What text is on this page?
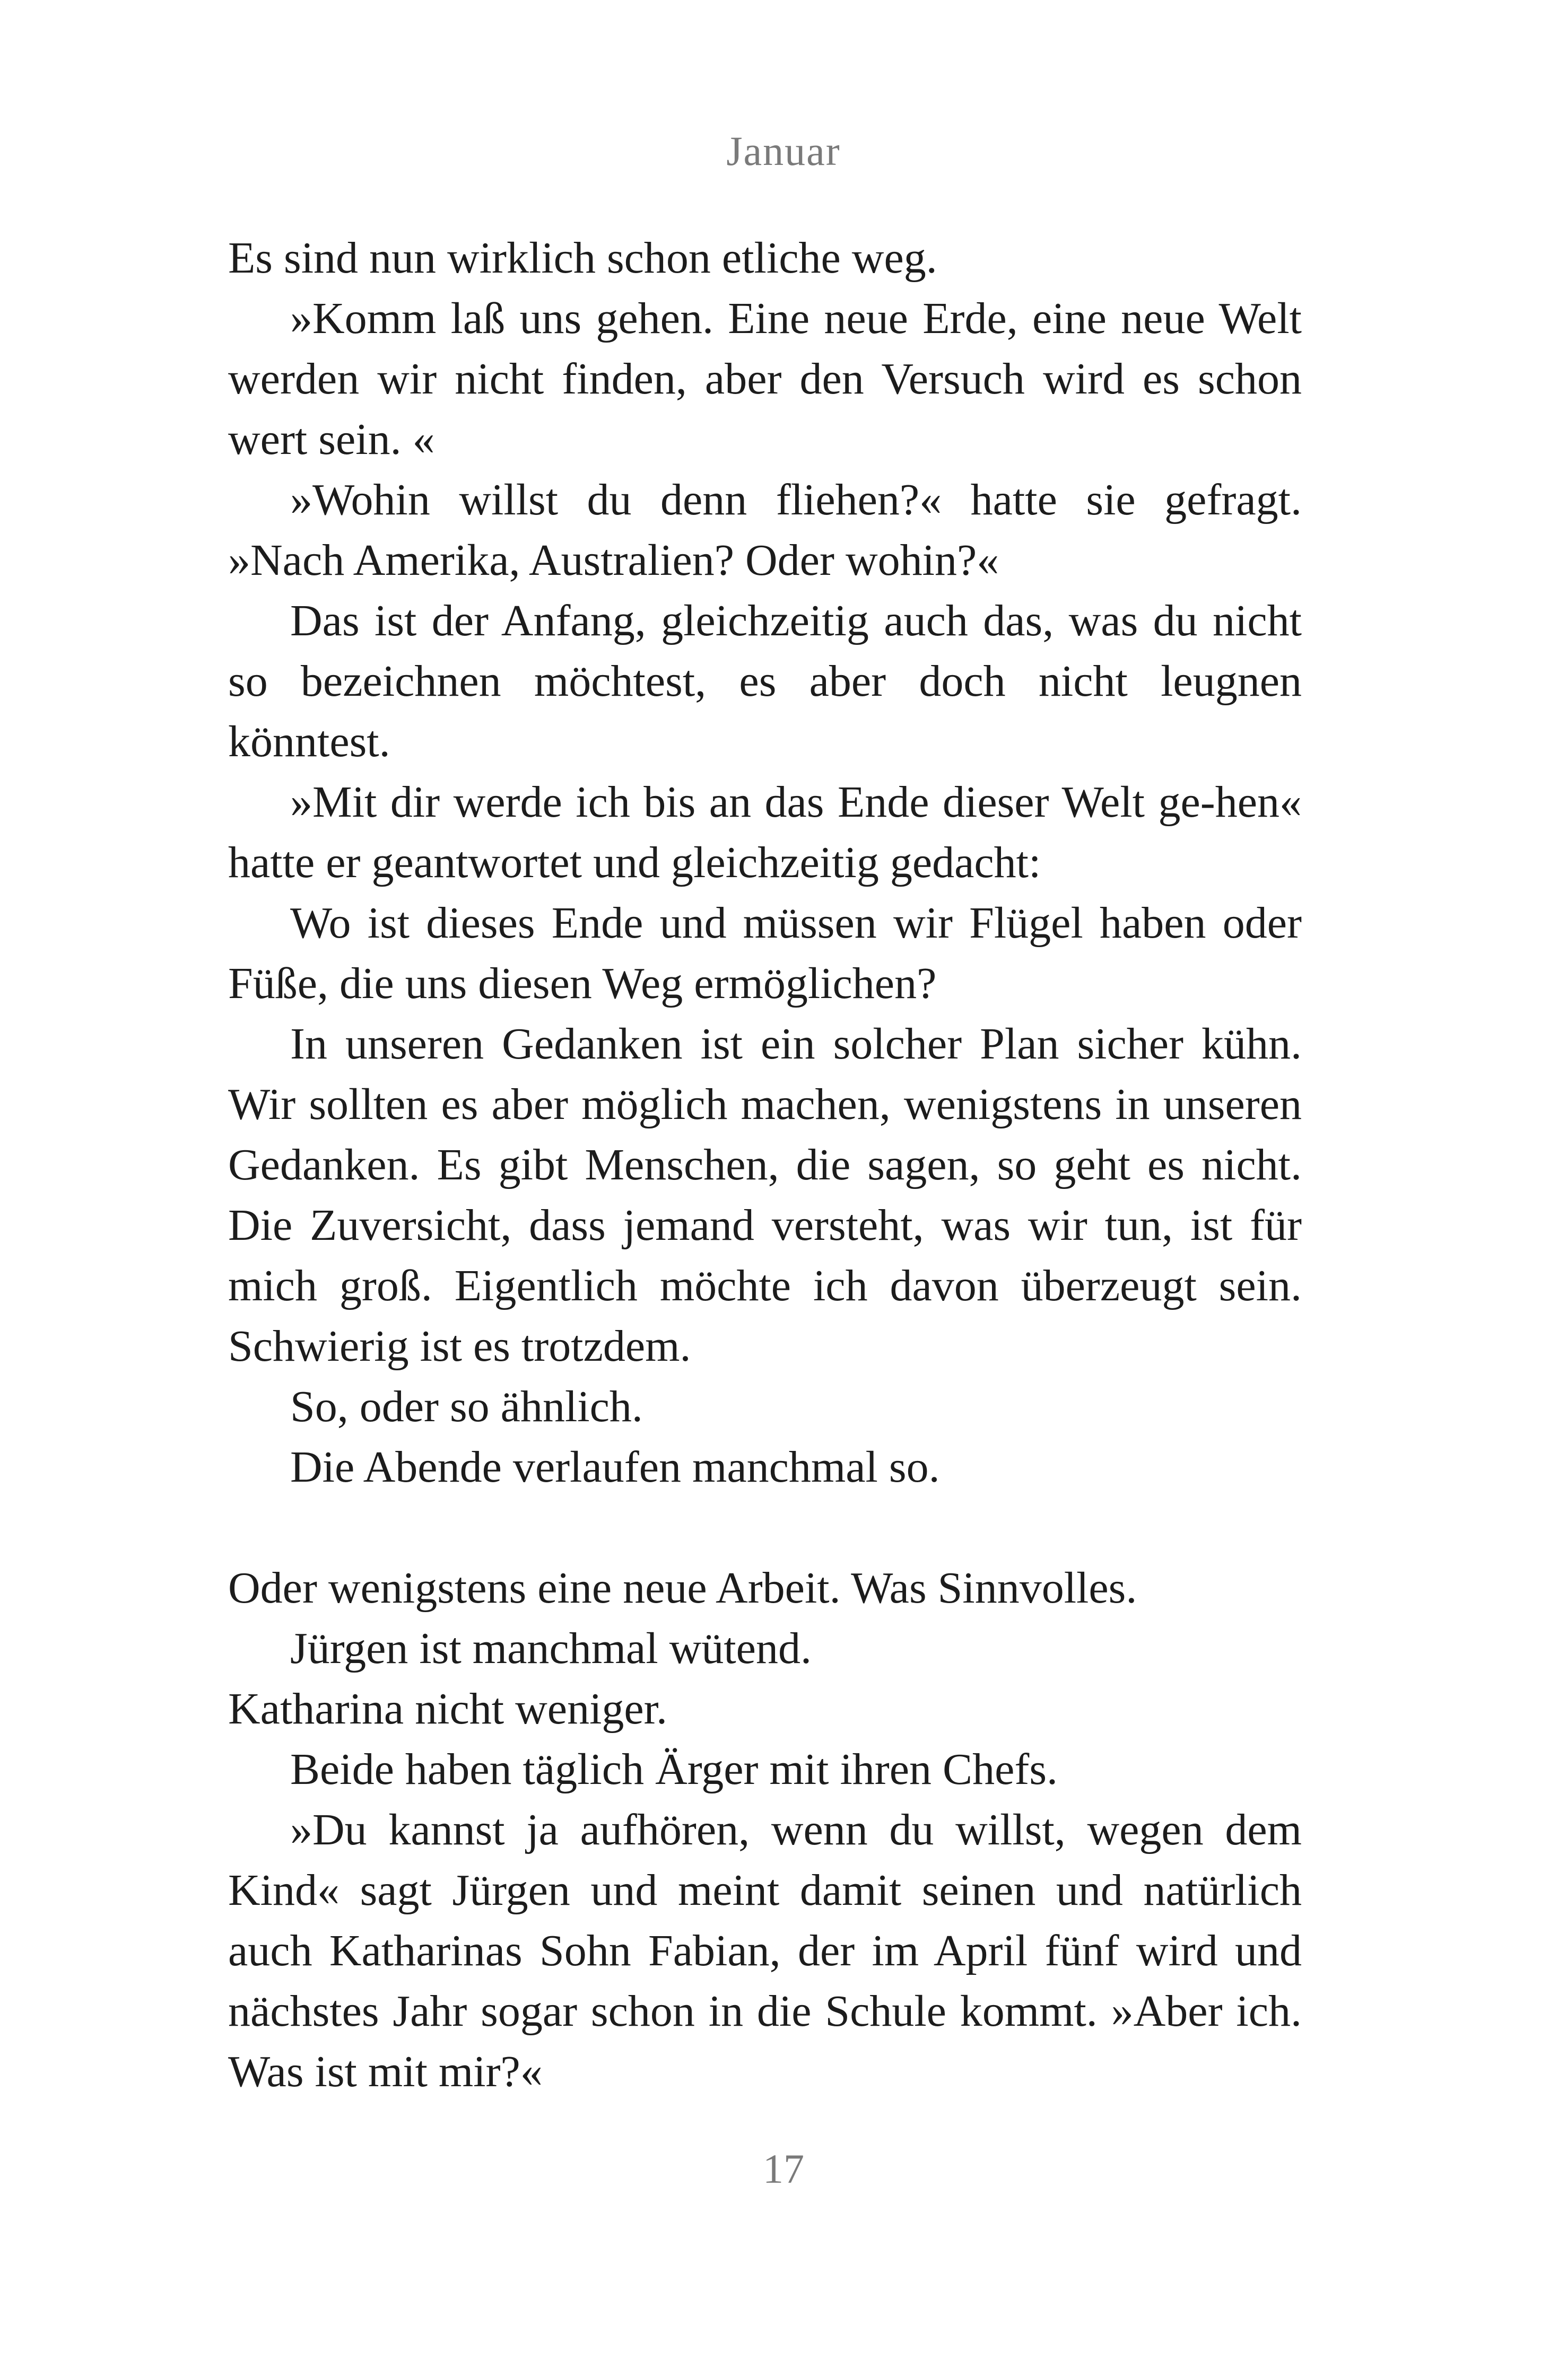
Januar

Es sind nun wirklich schon etliche weg.

»Komm laß uns gehen. Eine neue Erde, eine neue Welt werden wir nicht finden, aber den Versuch wird es schon wert sein. «

»Wohin willst du denn fliehen?« hatte sie gefragt. »Nach Amerika, Australien? Oder wohin?«

Das ist der Anfang, gleichzeitig auch das, was du nicht so bezeichnen möchtest, es aber doch nicht leugnen könntest.

»Mit dir werde ich bis an das Ende dieser Welt ge-hen« hatte er geantwortet und gleichzeitig gedacht:

Wo ist dieses Ende und müssen wir Flügel haben oder Füße, die uns diesen Weg ermöglichen?

In unseren Gedanken ist ein solcher Plan sicher kühn. Wir sollten es aber möglich machen, wenigstens in unseren Gedanken. Es gibt Menschen, die sagen, so geht es nicht. Die Zuversicht, dass jemand versteht, was wir tun, ist für mich groß. Eigentlich möchte ich davon überzeugt sein. Schwierig ist es trotzdem.

So, oder so ähnlich.

Die Abende verlaufen manchmal so.

Oder wenigstens eine neue Arbeit. Was Sinnvolles.

Jürgen ist manchmal wütend.

Katharina nicht weniger.

Beide haben täglich Ärger mit ihren Chefs.

»Du kannst ja aufhören, wenn du willst, wegen dem Kind« sagt Jürgen und meint damit seinen und natürlich auch Katharinas Sohn Fabian, der im April fünf wird und nächstes Jahr sogar schon in die Schule kommt. »Aber ich. Was ist mit mir?«

17
